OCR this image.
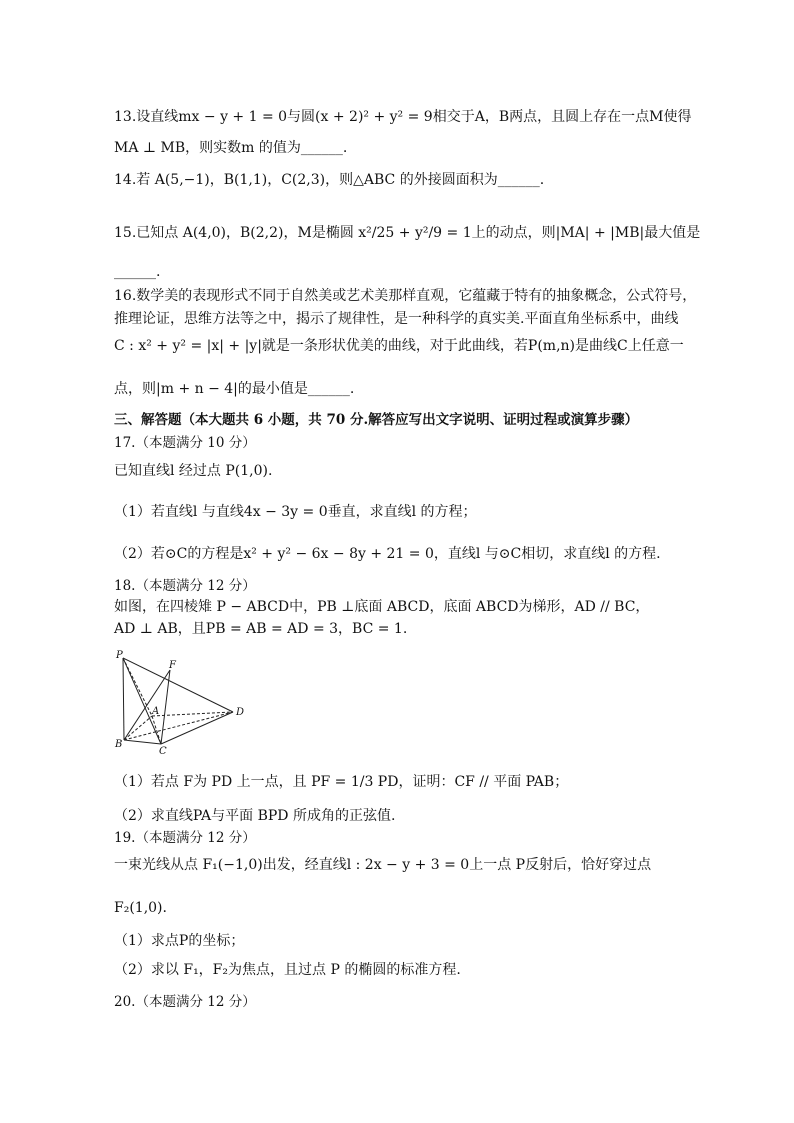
13.设直线mx − y + 1 = 0与圆(x + 2)² + y² = 9相交于A，B两点，且圆上存在一点M使得
MA ⊥ MB，则实数m 的值为______.
14.若 A(5,−1)，B(1,1)，C(2,3)，则△ABC 的外接圆面积为______.
15.已知点 A(4,0)，B(2,2)，M是椭圆 x²/25 + y²/9 = 1上的动点，则|MA| + |MB|最大值是
______.
16.数学美的表现形式不同于自然美或艺术美那样直观，它蕴藏于特有的抽象概念，公式符号，
推理论证，思维方法等之中，揭示了规律性，是一种科学的真实美.平面直角坐标系中，曲线
C : x² + y² = |x| + |y|就是一条形状优美的曲线，对于此曲线，若P(m,n)是曲线C上任意一
点，则|m + n − 4|的最小值是______.
三、解答题（本大题共 6 小题，共 70 分.解答应写出文字说明、证明过程或演算步骤）
17.（本题满分 10 分）
已知直线l 经过点 P(1,0).
（1）若直线l 与直线4x − 3y = 0垂直，求直线l 的方程；
（2）若⊙C的方程是x² + y² − 6x − 8y + 21 = 0，直线l 与⊙C相切，求直线l 的方程.
18.（本题满分 12 分）
如图，在四棱雉 P − ABCD中，PB ⊥底面 ABCD，底面 ABCD为梯形，AD // BC，
AD ⊥ AB，且PB = AB = AD = 3，BC = 1.
P
F
A	D
B
C
（1）若点 F为 PD 上一点，且 PF = 1/3 PD，证明：CF // 平面 PAB；
（2）求直线PA与平面 BPD 所成角的正弦值.
19.（本题满分 12 分）
一束光线从点 F₁(−1,0)出发，经直线l : 2x − y + 3 = 0上一点 P反射后，恰好穿过点
F₂(1,0).
（1）求点P的坐标；
（2）求以 F₁，F₂为焦点，且过点 P 的椭圆的标准方程.
20.（本题满分 12 分）
